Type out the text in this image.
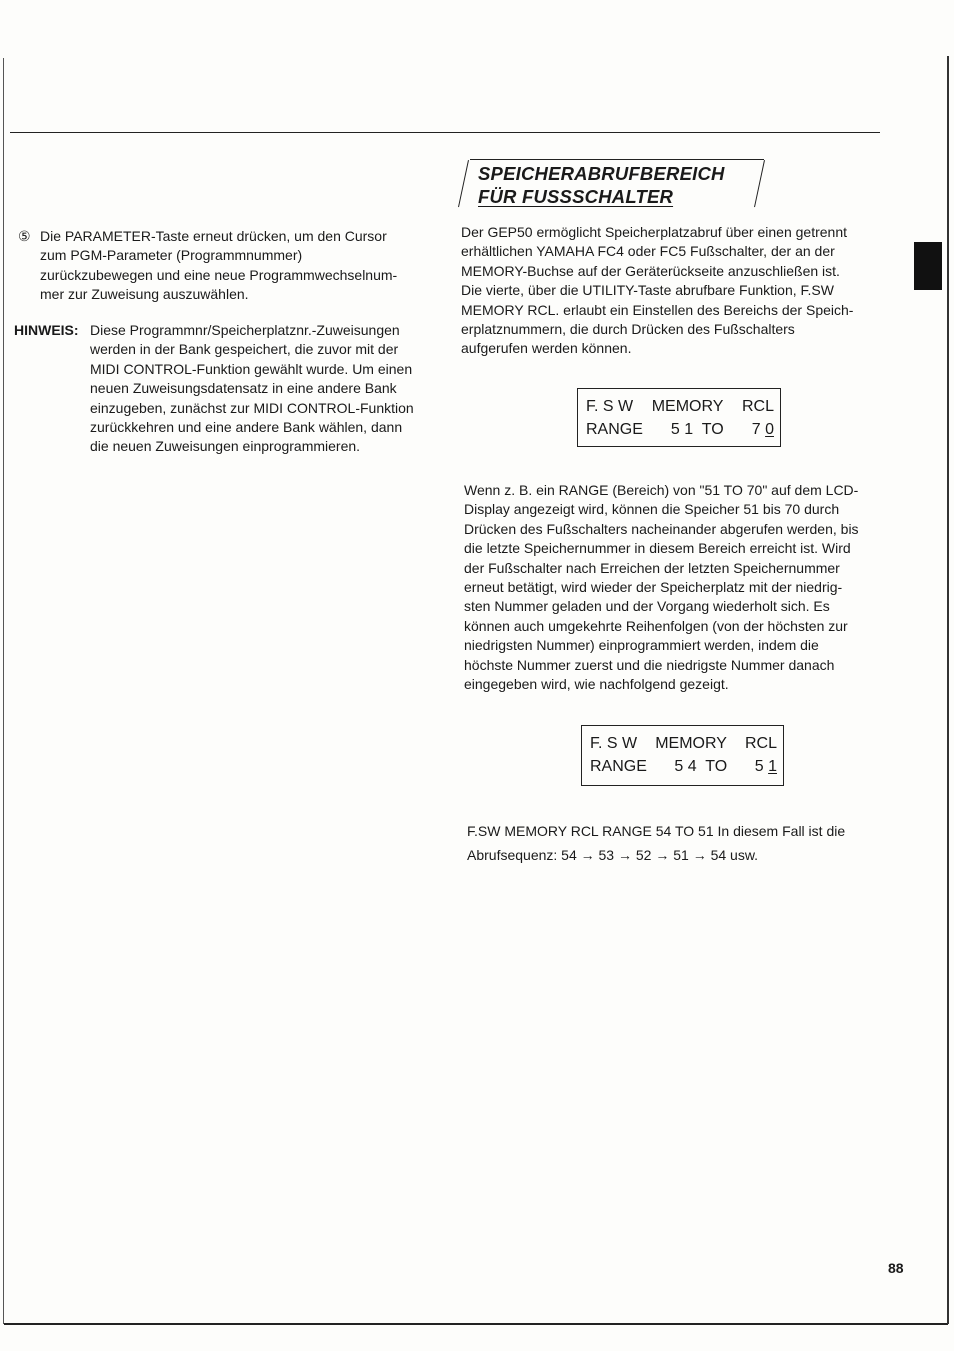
⑤ Die PARAMETER-Taste erneut drücken, um den Cursor
zum PGM-Parameter (Programmnummer)
zurückzubewegen und eine neue Programmwechselnum-
mer zur Zuweisung auszuwählen.
HINWEIS: Diese Programmnr/Speicherplatznr.-Zuweisungen
werden in der Bank gespeichert, die zuvor mit der
MIDI CONTROL-Funktion gewählt wurde. Um einen
neuen Zuweisungsdatensatz in eine andere Bank
einzugeben, zunächst zur MIDI CONTROL-Funktion
zurückkehren und eine andere Bank wählen, dann
die neuen Zuweisungen einprogrammieren.
SPEICHERABRUFBEREICH
FÜR FUSSSCHALTER
Der GEP50 ermöglicht Speicherplatzabruf über einen getrennt
erhältlichen YAMAHA FC4 oder FC5 Fußschalter, der an der
MEMORY-Buchse auf der Geräterückseite anzuschließen ist.
Die vierte, über die UTILITY-Taste abrufbare Funktion, F.SW
MEMORY RCL. erlaubt ein Einstellen des Bereichs der Speich-
erplatznummern, die durch Drücken des Fußschalters
aufgerufen werden können.
F. S W MEMORY RCL
RANGE 5 1  TO 7 0
Wenn z. B. ein RANGE (Bereich) von "51 TO 70" auf dem LCD-
Display angezeigt wird, können die Speicher 51 bis 70 durch
Drücken des Fußschalters nacheinander abgerufen werden, bis
die letzte Speichernummer in diesem Bereich erreicht ist. Wird
der Fußschalter nach Erreichen der letzten Speichernummer
erneut betätigt, wird wieder der Speicherplatz mit der niedrig-
sten Nummer geladen und der Vorgang wiederholt sich. Es
können auch umgekehrte Reihenfolgen (von der höchsten zur
niedrigsten Nummer) einprogrammiert werden, indem die
höchste Nummer zuerst und die niedrigste Nummer danach
eingegeben wird, wie nachfolgend gezeigt.
F. S W MEMORY RCL
RANGE 5 4  TO 5 1
F.SW MEMORY RCL RANGE 54 TO 51 In diesem Fall ist die
Abrufsequenz: 54 → 53 → 52 → 51 → 54 usw.
88
